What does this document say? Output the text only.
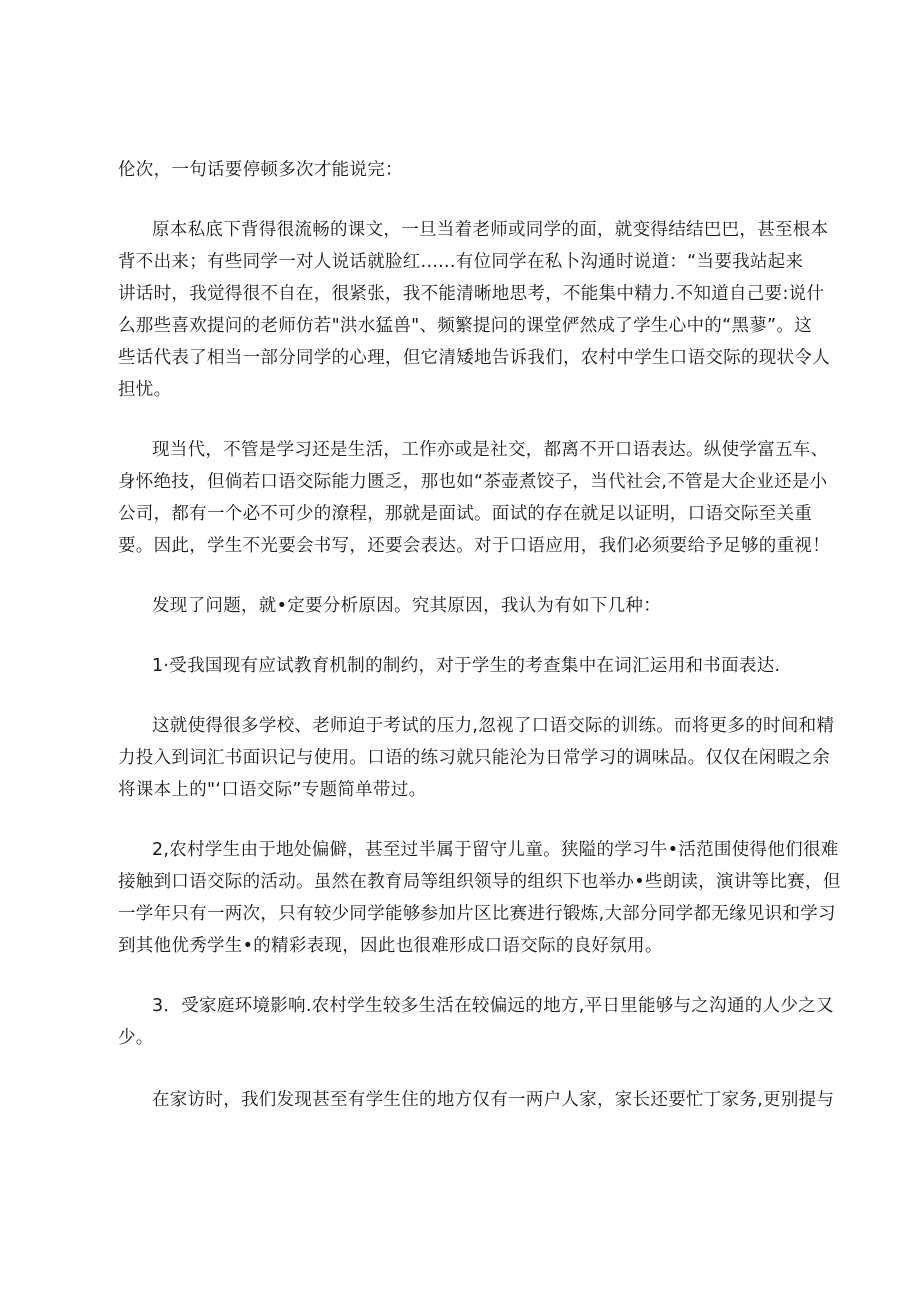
伦次，一句话要停顿多次才能说完：
原本私底下背得很流畅的课文，一旦当着老师或同学的面，就变得结结巴巴，甚至根本
背不出来；有些同学一对人说话就脸红......有位同学在私卜沟通时说道：“当要我站起来
讲话时，我觉得很不自在，很紧张，我不能清晰地思考，不能集中精力.不知道自己要:说什
么那些喜欢提问的老师仿若"洪水猛兽"、频繁提问的课堂俨然成了学生心中的“黑蓼”。这
些话代表了相当一部分同学的心理，但它清矮地告诉我们，农村中学生口语交际的现状令人
担忧。
现当代，不管是学习还是生活，工作亦或是社交，都离不开口语表达。纵使学富五车、
身怀绝技，但倘若口语交际能力匮乏，那也如“茶壶煮饺子，当代社会,不管是大企业还是小
公司，都有一个必不可少的潦程，那就是面试。面试的存在就足以证明，口语交际至关重
要。因此，学生不光要会书写，还要会表达。对于口语应用，我们必须要给予足够的重视！
发现了问题，就•定要分析原因。究其原因，我认为有如下几种：
1·受我国现有应试教育机制的制约，对于学生的考查集中在词汇运用和书面表达.
这就使得很多学校、老师迫于考试的压力,忽视了口语交际的训练。而将更多的时间和精
力投入到词汇书面识记与使用。口语的练习就只能沦为日常学习的调味品。仅仅在闲暇之余
将课本上的"‘口语交际”专题简单带过。
2,农村学生由于地处偏僻，甚至过半属于留守儿童。狭隘的学习牛•活范围使得他们很难
接触到口语交际的活动。虽然在教育局等组织领导的组织下也举办•些朗读，演讲等比赛，但
一学年只有一两次，只有较少同学能够参加片区比赛进行锻炼,大部分同学都无缘见识和学习
到其他优秀学生•的精彩表现，因此也很难形成口语交际的良好氛用。
3．受家庭环境影响.农村学生较多生活在较偏远的地方,平日里能够与之沟通的人少之又
少。
在家访时，我们发现甚至有学生住的地方仅有一两户人家，家长还要忙丁家务,更别提与
